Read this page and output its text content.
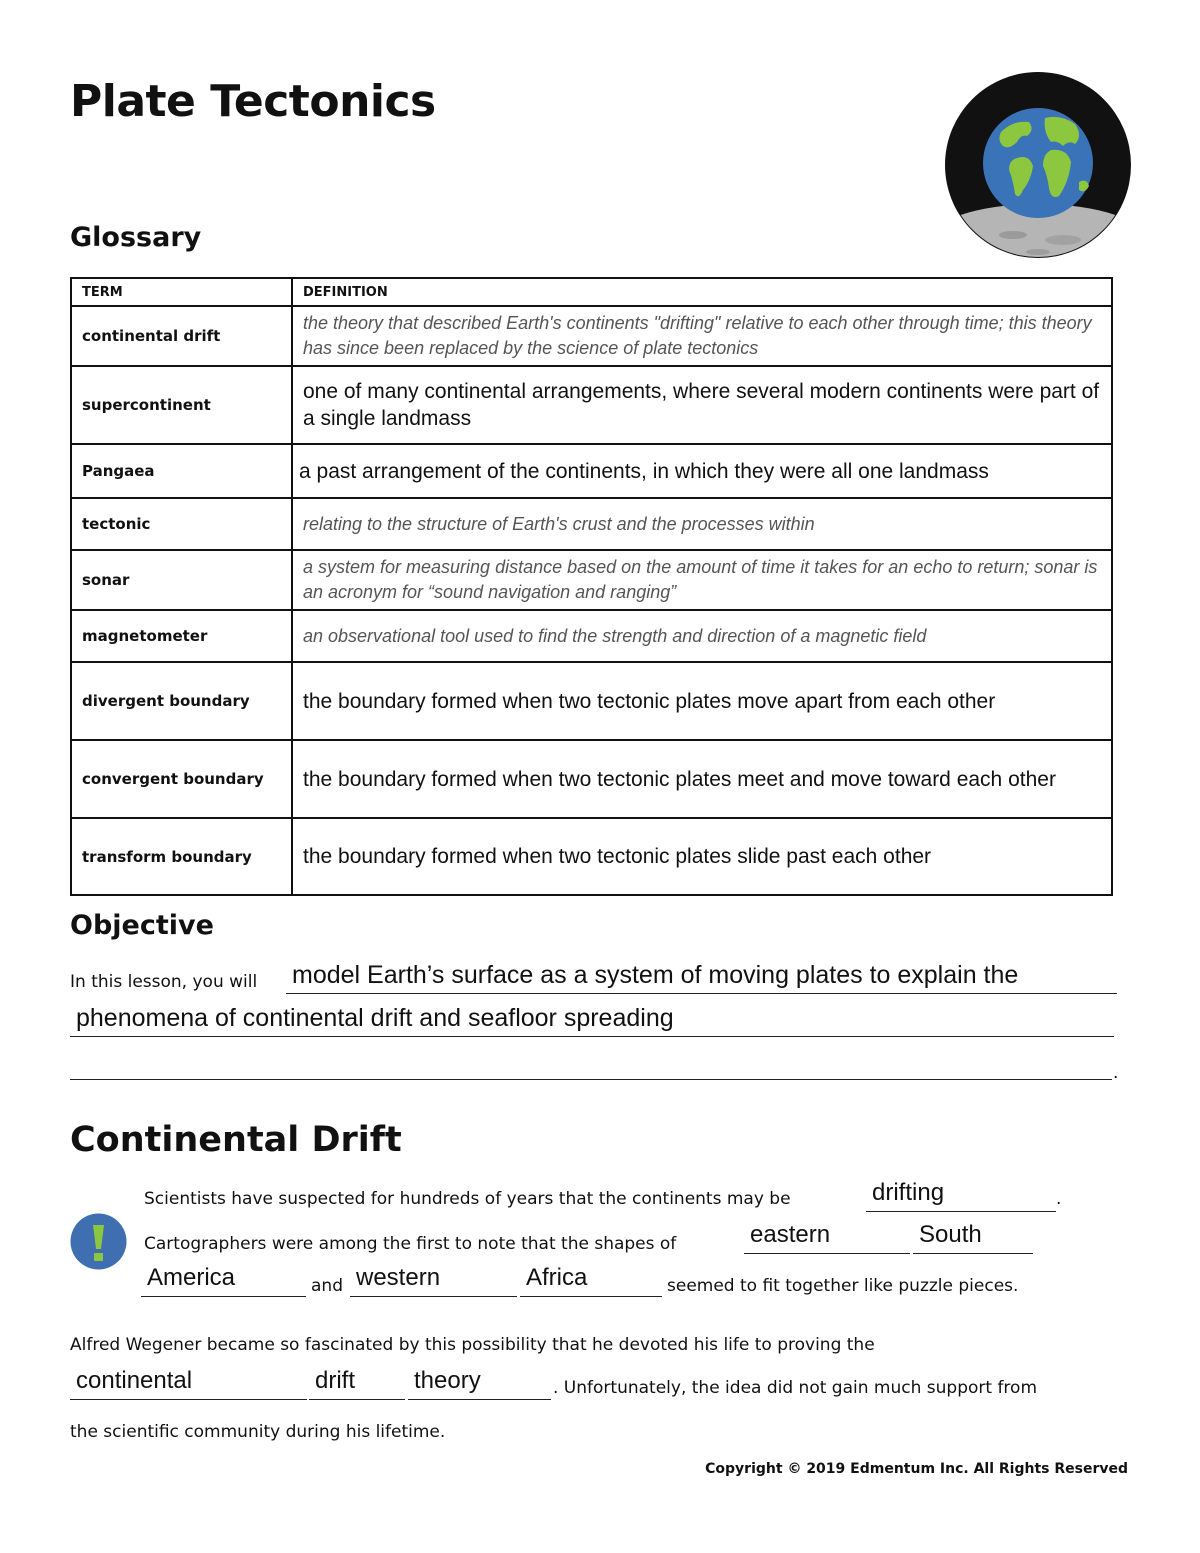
Plate Tectonics
Glossary
TERM	DEFINITION
continental drift	the theory that described Earth's continents "drifting" relative to each other through time; this theory has since been replaced by the science of plate tectonics
supercontinent	one of many continental arrangements, where several modern continents were part of a single landmass
Pangaea	a past arrangement of the continents, in which they were all one landmass
tectonic	relating to the structure of Earth's crust and the processes within
sonar	a system for measuring distance based on the amount of time it takes for an echo to return; sonar is an acronym for “sound navigation and ranging”
magnetometer	an observational tool used to find the strength and direction of a magnetic field
divergent boundary	the boundary formed when two tectonic plates move apart from each other
convergent boundary	the boundary formed when two tectonic plates meet and move toward each other
transform boundary	the boundary formed when two tectonic plates slide past each other
Objective
In this lesson, you will model Earth’s surface as a system of moving plates to explain the
phenomena of continental drift and seafloor spreading
.
Continental Drift
Scientists have suspected for hundreds of years that the continents may be	drifting	.
Cartographers were among the first to note that the shapes of	eastern	South
America	and western	Africa	seemed to fit together like puzzle pieces.
Alfred Wegener became so fascinated by this possibility that he devoted his life to proving the
continental	drift	theory	. Unfortunately, the idea did not gain much support from
the scientific community during his lifetime.
Copyright © 2019 Edmentum Inc. All Rights Reserved
